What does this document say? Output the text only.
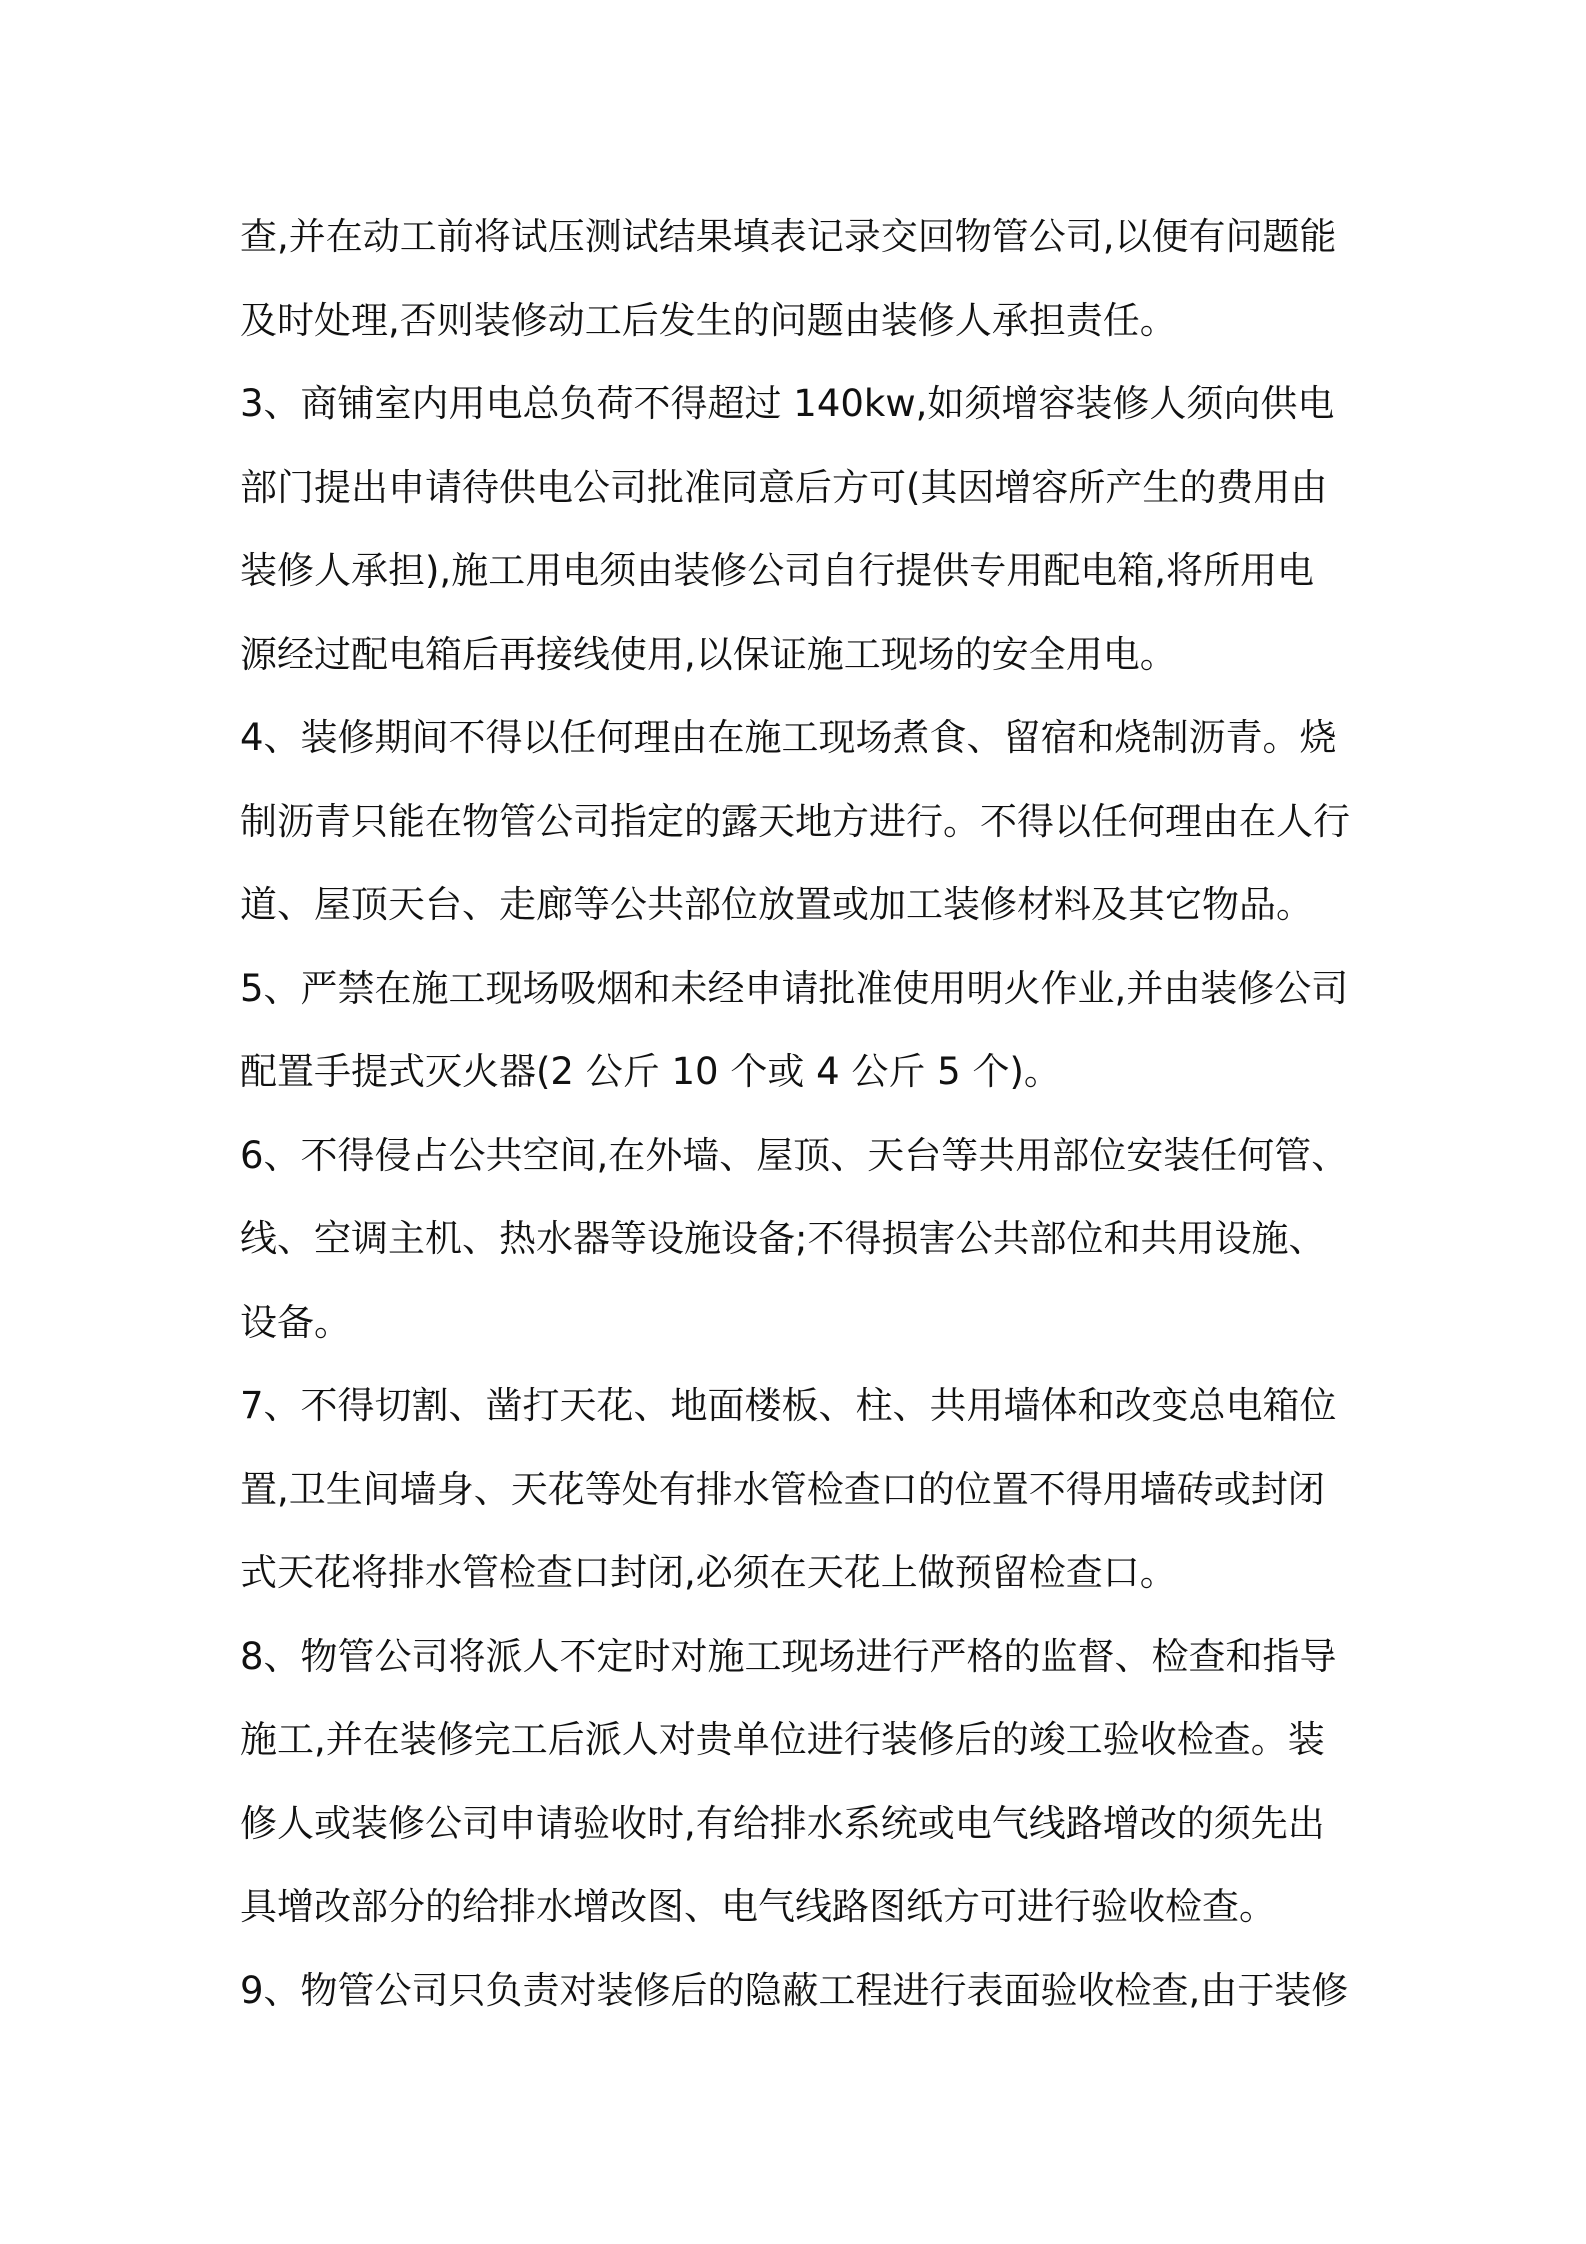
查,并在动工前将试压测试结果填表记录交回物管公司,以便有问题能
及时处理,否则装修动工后发生的问题由装修人承担责任。
3、商铺室内用电总负荷不得超过 140kw,如须增容装修人须向供电
部门提出申请待供电公司批准同意后方可(其因增容所产生的费用由
装修人承担),施工用电须由装修公司自行提供专用配电箱,将所用电
源经过配电箱后再接线使用,以保证施工现场的安全用电。
4、装修期间不得以任何理由在施工现场煮食、留宿和烧制沥青。烧
制沥青只能在物管公司指定的露天地方进行。不得以任何理由在人行
道、屋顶天台、走廊等公共部位放置或加工装修材料及其它物品。
5、严禁在施工现场吸烟和未经申请批准使用明火作业,并由装修公司
配置手提式灭火器(2 公斤 10 个或 4 公斤 5 个)。
6、不得侵占公共空间,在外墙、屋顶、天台等共用部位安装任何管、
线、空调主机、热水器等设施设备;不得损害公共部位和共用设施、
设备。
7、不得切割、凿打天花、地面楼板、柱、共用墙体和改变总电箱位
置,卫生间墙身、天花等处有排水管检查口的位置不得用墙砖或封闭
式天花将排水管检查口封闭,必须在天花上做预留检查口。
8、物管公司将派人不定时对施工现场进行严格的监督、检查和指导
施工,并在装修完工后派人对贵单位进行装修后的竣工验收检查。装
修人或装修公司申请验收时,有给排水系统或电气线路增改的须先出
具增改部分的给排水增改图、电气线路图纸方可进行验收检查。
9、物管公司只负责对装修后的隐蔽工程进行表面验收检查,由于装修
